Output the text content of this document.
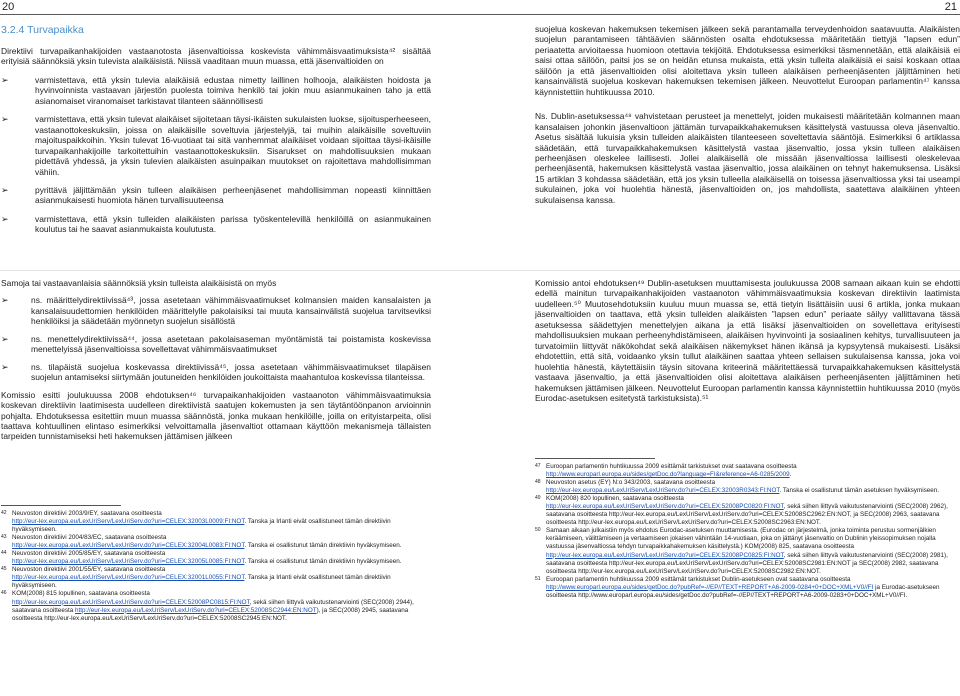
20	21
3.2.4 Turvapaikka

Direktiivi turvapaikanhakijoiden vastaanotosta jäsenvaltioissa koskevista vähimmäisvaatimuksista⁴² sisältää erityisiä säännöksiä yksin tulevista alaikäisistä. Niissä vaaditaan muun muassa, että jäsenvaltioiden on

➢	varmistettava, että yksin tulevia alaikäisiä edustaa nimetty laillinen holhooja, alaikäisten hoidosta ja hyvinvoinnista vastaavan järjestön puolesta toimiva henkilö tai jokin muu asianmukainen taho ja että asianomaiset viranomaiset tarkistavat tilanteen säännöllisesti
➢	varmistettava, että yksin tulevat alaikäiset sijoitetaan täysi-ikäisten sukulaisten luokse, sijoitusperheeseen, vastaanottokeskuksiin, joissa on alaikäisille soveltuvia järjestelyjä, tai muihin alaikäisille soveltuviin majoituspaikkoihin. Yksin tulevat 16-vuotiaat tai sitä vanhemmat alaikäiset voidaan sijoittaa täysi-ikäisille turvapaikanhakijoille tarkoitettuihin vastaanottokeskuksiin. Sisarukset on mahdollisuuksien mukaan pidettävä yhdessä, ja yksin tulevien alaikäisten asuinpaikan muutokset on rajoitettava mahdollisimman vähiin.
➢	pyrittävä jäljittämään yksin tulleen alaikäisen perheenjäsenet mahdollisimman nopeasti kiinnittäen asianmukaisesti huomiota hänen turvallisuuteensa
➢	varmistettava, että yksin tulleiden alaikäisten parissa työskentelevillä henkilöillä on asianmukainen koulutus tai he saavat asianmukaista koulutusta.

suojelua koskevan hakemuksen tekemisen jälkeen sekä parantamalla terveydenhoidon saatavuutta. Alaikäisten suojelun parantamiseen tähtäävien säännösten osalta ehdotuksessa määritetään tiettyjä ”lapsen edun” periaatetta arvioitaessa huomioon otettavia tekijöitä. Ehdotuksessa esimerkiksi täsmennetään, että alaikäisiä ei saisi ottaa säilöön, paitsi jos se on heidän etunsa mukaista, että yksin tulleita alaikäisiä ei saisi koskaan ottaa säilöön ja että jäsenvaltioiden olisi aloitettava yksin tulleen alaikäisen perheenjäsenten jäljittäminen heti kansainvälistä suojelua koskevan hakemuksen tekemisen jälkeen. Neuvottelut Euroopan parlamentin⁴⁷ kanssa käynnistettiin huhtikuussa 2010.

Ns. Dublin-asetuksessa⁴⁸ vahvistetaan perusteet ja menettelyt, joiden mukaisesti määritetään kolmannen maan kansalaisen johonkin jäsenvaltioon jättämän turvapaikkahakemuksen käsittelystä vastuussa oleva jäsenvaltio. Asetus sisältää lukuisia yksin tulleiden alaikäisten tilanteeseen soveltettavia sääntöjä. Esimerkiksi 6 artiklassa säädetään, että turvapaikkahakemuksen käsittelystä vastaa jäsenvaltio, jossa yksin tulleen alaikäisen perheenjäsen oleskelee laillisesti. Jollei alaikäisellä ole missään jäsenvaltiossa laillisesti oleskelevaa perheenjäsentä, hakemuksen käsittelystä vastaa jäsenvaltio, jossa alaikäinen on tehnyt hakemuksensa. Lisäksi 15 artiklan 3 kohdassa säädetään, että jos yksin tulleella alaikäisellä on toisessa jäsenvaltiossa yksi tai useampi sukulainen, joka voi huolehtia hänestä, jäsenvaltioiden on, jos mahdollista, saatettava alaikäinen yhteen sukulaisensa kanssa.

Samoja tai vastaavanlaisia säännöksiä yksin tulleista alaikäisistä on myös

➢	ns. määrittelydirektiivissä⁴³, jossa asetetaan vähimmäisvaatimukset kolmansien maiden kansalaisten ja kansalaisuudettomien henkilöiden määrittelylle pakolaisiksi tai muuta kansainvälistä suojelua tarvitseviksi henkilöiksi ja säädetään myönnetyn suojelun sisällöstä
➢	ns. menettelydirektiivissä⁴⁴, jossa asetetaan pakolaisaseman myöntämistä tai poistamista koskevissa menettelyissä jäsenvaltioissa sovellettavat vähimmäisvaatimukset
➢	ns. tilapäistä suojelua koskevassa direktiivissä⁴⁵, jossa asetetaan vähimmäisvaatimukset tilapäisen suojelun antamiseksi siirtymään joutuneiden henkilöiden joukoittaista maahantuloa koskevissa tilanteissa.

Komissio esitti joulukuussa 2008 ehdotuksen⁴⁶ turvapaikanhakijoiden vastaanoton vähimmäisvaatimuksia koskevan direktiivin laatimisesta uudelleen direktiivistä saatujen kokemusten ja sen täytäntöönpanon arvioinnin pohjalta. Ehdotuksessa esitettiin muun muassa säännöstä, jonka mukaan henkilöille, joilla on erityistarpeita, olisi taattava kohtuullinen elintaso esimerkiksi velvoittamalla jäsenvaltiot ottamaan käyttöön mekanismeja tällaisten tarpeiden tunnistamiseksi heti hakemuksen jättämisen jälkeen

Komissio antoi ehdotuksen⁴⁹ Dublin-asetuksen muuttamisesta joulukuussa 2008 samaan aikaan kuin se ehdotti edellä mainitun turvapaikanhakijoiden vastaanoton vähimmäisvaatimuksia koskevan direktiivin laatimista uudelleen.⁵⁰ Muutosehdotuksiin kuuluu muun muassa se, että tietyin lisättäisiin uusi 6 artikla, jonka mukaan jäsenvaltioiden on taattava, että yksin tulleiden alaikäisten ”lapsen edun” periaate säilyy vallittavana tässä asetuksessa säädettyjen menettelyjen aikana ja että lisäksi jäsenvaltioiden on sovellettava erityisesti mahdollisuuksien mukaan perheenyhdistämiseen, alaikäisen hyvinvointi ja sosiaalinen kehitys, turvallisuuteen ja turvatoimiin liittyvät näkökohdat sekä alaikäisen näkemykset hänen ikänsä ja kypsyytensä mukaisesti. Lisäksi ehdotettiin, että sitä, voidaanko yksin tullut alaikäinen saattaa yhteen sellaisen sukulaisensa kanssa, joka voi huolehtia hänestä, käytettäisiin täysin sitovana kriteerinä määritettäessä turvapaikkahakemuksen käsittelystä vastaava jäsenvaltio, ja että jäsenvaltioiden olisi aloitettava alaikäisen perheenjäsenten jäljittäminen heti hakemuksen jättämisen jälkeen. Neuvottelut Euroopan parlamentin kanssa käynnistettiin huhtikuussa 2010 (myös Eurodac-asetuksen esitetystä tarkistuksista).⁵¹

42 Neuvoston direktiivi 2003/9/EY, saatavana osoitteesta
http://eur-lex.europa.eu/LexUriServ/LexUriServ.do?uri=CELEX:32003L0009:FI:NOT. Tanska ja Irlanti eivät osallistuneet tämän direktiivin hyväksymiseen.
43 Neuvoston direktiivi 2004/83/EC, saatavana osoitteesta
http://eur-lex.europa.eu/LexUriServ/LexUriServ.do?uri=CELEX:32004L0083:FI:NOT. Tanska ei osallistunut tämän direktiivin hyväksymiseen.
44 Neuvoston direktiivi 2005/85/EY, saatavana osoitteesta
http://eur-lex.europa.eu/LexUriServ/LexUriServ.do?uri=CELEX:32005L0085:FI:NOT. Tanska ei osallistunut tämän direktiivin hyväksymiseen.
45 Neuvoston direktiivi 2001/55/EY, saatavana osoitteesta
http://eur-lex.europa.eu/LexUriServ/LexUriServ.do?uri=CELEX:32001L0055:FI:NOT. Tanska ja Irlanti eivät osallistuneet tämän direktiivin hyväksymiseen.
46 KOM(2008) 815 lopullinen, saatavana osoitteesta
http://eur-lex.europa.eu/LexUriServ/LexUriServ.do?uri=CELEX:52008PC0815:FI:NOT, sekä siihen liittyvä vaikutustenarviointi (SEC(2008) 2944), saatavana osoitteesta http://eur-lex.europa.eu/LexUriServ/LexUriServ.do?uri=CELEX:52008SC2944:EN:NOT), ja SEC(2008) 2945, saatavana osoitteesta http://eur-lex.europa.eu/LexUriServ/LexUriServ.do?uri=CELEX:52008SC2945:EN:NOT.
47 Euroopan parlamentin huhtikuussa 2009 esittämät tarkistukset ovat saatavana osoitteesta
http://www.europarl.europa.eu/sides/getDoc.do?language=FI&reference=A6-0285/2009.
48 Neuvoston asetus (EY) N:o 343/2003, saatavana osoitteesta
http://eur-lex.europa.eu/LexUriServ/LexUriServ.do?uri=CELEX:32003R0343:FI:NOT. Tanska ei osallistunut tämän asetuksen hyväksymiseen.
49 KOM(2008) 820 lopullinen, saatavana osoitteesta
http://eur-lex.europa.eu/LexUriServ/LexUriServ.do?uri=CELEX:52008PC0820:FI:NOT, sekä siihen liittyvä vaikutustenarviointi (SEC(2008) 2962), saatavana osoitteesta http://eur-lex.europa.eu/LexUriServ/LexUriServ.do?uri=CELEX:52008SC2962:EN:NOT, ja SEC(2008) 2963, saatavana osoitteesta http://eur-lex.europa.eu/LexUriServ/LexUriServ.do?uri=CELEX:52008SC2963:EN:NOT.
50 Samaan aikaan julkaistiin myös ehdotus Eurodac-asetuksen muuttamisesta. (Eurodac on järjestelmä, jonka toiminta perustuu sormenjälkien keräämiseen, välittämiseen ja vertaamiseen jokaisen vähintään 14-vuotiaan, joka on jättänyt jäsenvaltio on Dublinin yleissopimuksen nojalla vastuussa jäsenvaltiossa tehdyn turvapaikkahakemuksen käsittelystä.) KOM(2008) 825, saatavana osoitteesta
http://eur-lex.europa.eu/LexUriServ/LexUriServ.do?uri=CELEX:52008PC0825:FI:NOT, sekä siihen liittyvä vaikutustenarviointi (SEC(2008) 2981), saatavana osoitteesta http://eur-lex.europa.eu/LexUriServ/LexUriServ.do?uri=CELEX:52008SC2981:EN:NOT ja SEC(2008) 2982, saatavana osoitteesta http://eur-lex.europa.eu/LexUriServ/LexUriServ.do?uri=CELEX:52008SC2982:EN:NOT.
51 Euroopan parlamentin huhtikuussa 2009 esittämät tarkistukset Dublin-asetukseen ovat saatavana osoitteesta
http://www.europarl.europa.eu/sides/getDoc.do?pubRef=-//EP//TEXT+REPORT+A6-2009-0284+0+DOC+XML+V0//FI ja Eurodac-asetukseen osoitteesta http://www.europarl.europa.eu/sides/getDoc.do?pubRef=-//EP//TEXT+REPORT+A6-2009-0283+0+DOC+XML+V0//FI.
